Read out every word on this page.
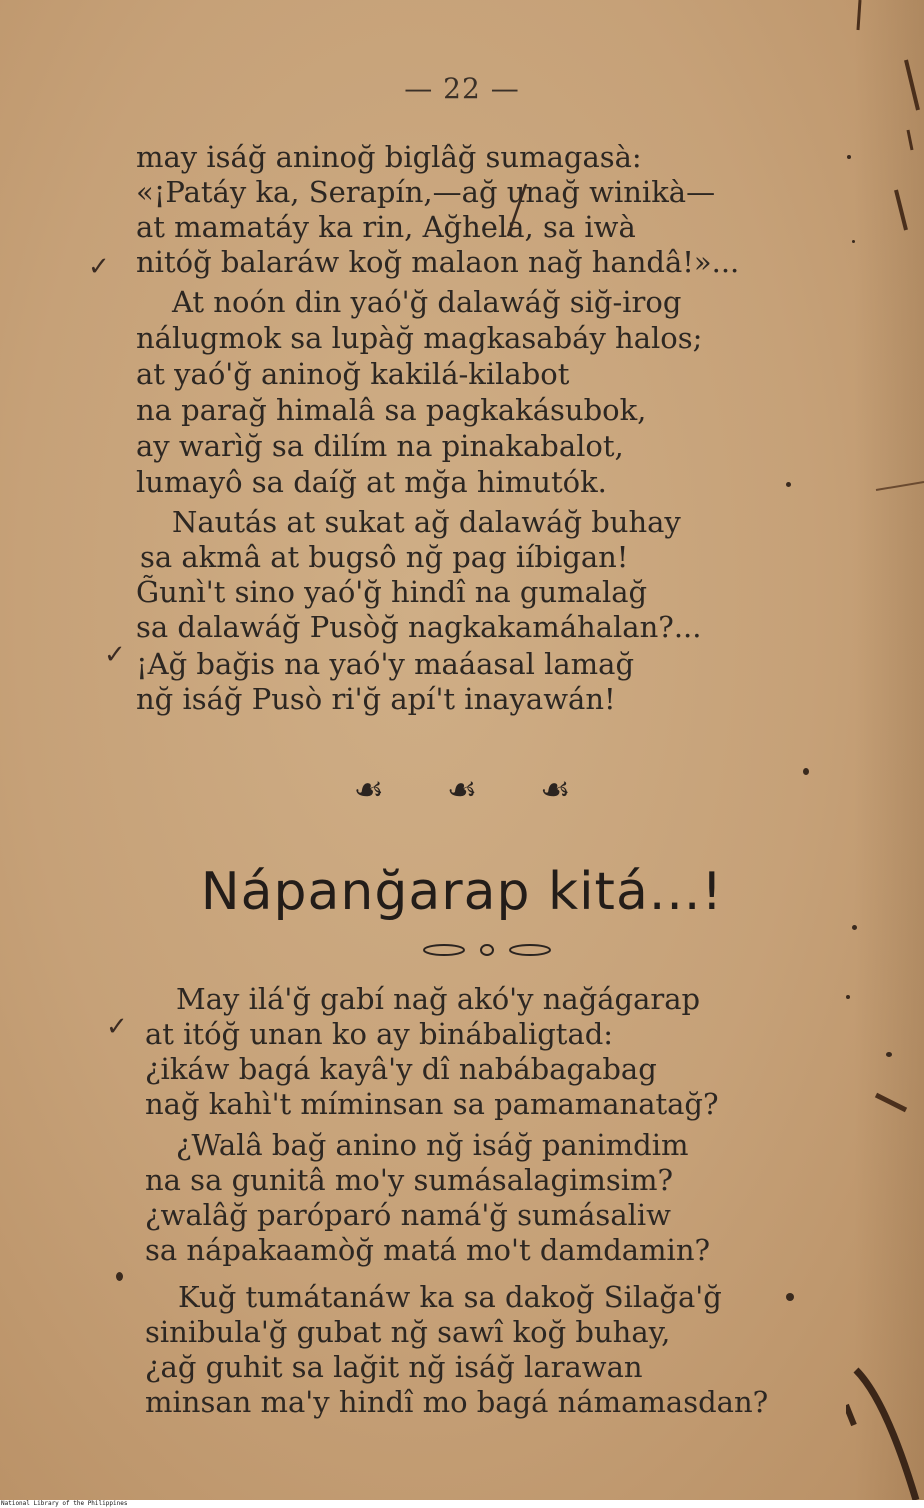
— 22 —
may isáğ aninoğ biglâğ sumagasà:
«¡Patáy ka, Serapín,—ağ unağ winikà—
at mamatáy ka rin, Ağhela, sa iwà
nitóğ balaráw koğ malaon nağ handâ!»...
At noón din yaó'ğ dalawáğ siğ-irog
nálugmok sa lupàğ magkasabáy halos;
at yaó'ğ aninoğ kakilá-kilabot
na parağ himalâ sa pagkakásubok,
ay warìğ sa dilím na pinakabalot,
lumayô sa daíğ at mğa himutók.
Nautás at sukat ağ dalawáğ buhay
sa akmâ at bugsô nğ pag iíbigan!
G̃unì't sino yaó'ğ hindî na gumalağ
sa dalawáğ Pusòğ nagkakamáhalan?...
¡Ağ bağis na yaó'y maáasal lamağ
nğ isáğ Pusò ri'ğ apí't inayawán!
☙ ☙ ☙
Nápanğarap kitá...!
May ilá'ğ gabí nağ akó'y nağágarap
at itóğ unan ko ay binábaligtad:
¿ikáw bagá kayâ'y dî nabábagabag
nağ kahì't míminsan sa pamamanatağ?
¿Walâ bağ anino nğ isáğ panimdim
na sa gunitâ mo'y sumásalagimsim?
¿walâğ paróparó namá'ğ sumásaliw
sa nápakaamòğ matá mo't damdamin?
Kuğ tumátanáw ka sa dakoğ Silağa'ğ
sinibula'ğ gubat nğ sawî koğ buhay,
¿ağ guhit sa lağit nğ isáğ larawan
minsan ma'y hindî mo bagá námamasdan?
✓
✓
✓
National Library of the Philippines
